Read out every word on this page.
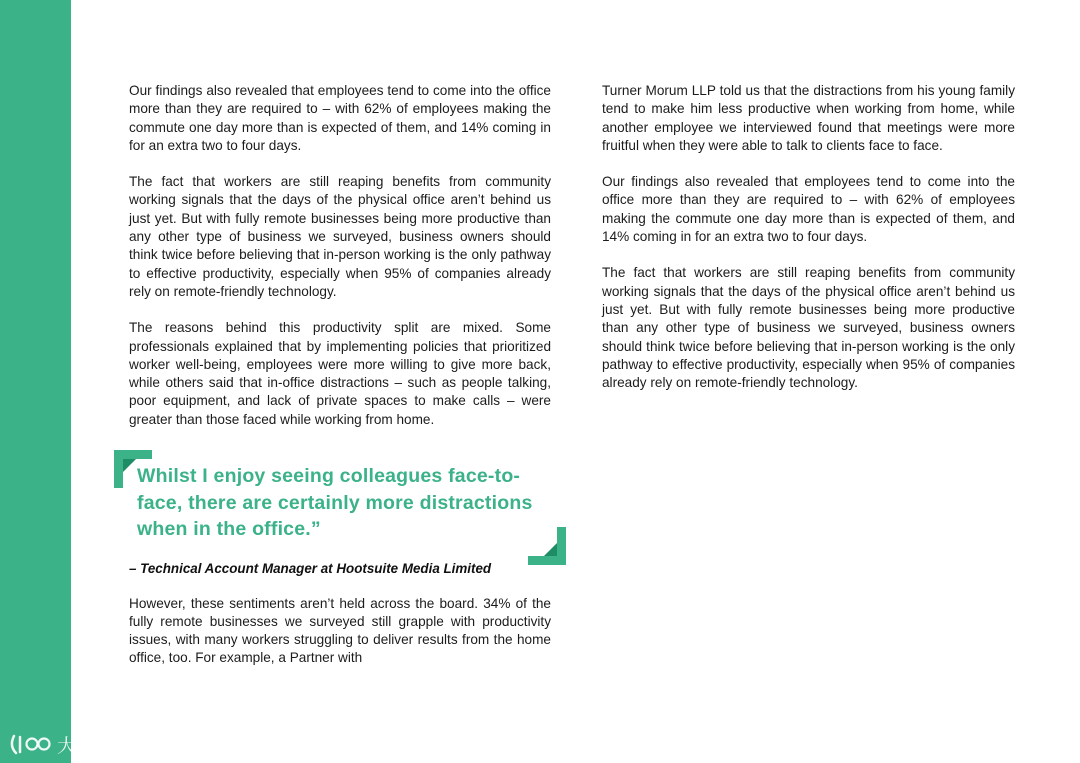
Our findings also revealed that employees tend to come into the office more than they are required to – with 62% of employees making the commute one day more than is expected of them, and 14% coming in for an extra two to four days.

The fact that workers are still reaping benefits from community working signals that the days of the physical office aren’t behind us just yet. But with fully remote businesses being more productive than any other type of business we surveyed, business owners should think twice before believing that in-person working is the only pathway to effective productivity, especially when 95% of companies already rely on remote-friendly technology.

The reasons behind this productivity split are mixed. Some professionals explained that by implementing policies that prioritized worker well-being, employees were more willing to give more back, while others said that in-office distractions – such as people talking, poor equipment, and lack of private spaces to make calls – were greater than those faced while working from home.

Whilst I enjoy seeing colleagues face-to-face, there are certainly more distractions when in the office.”

– Technical Account Manager at Hootsuite Media Limited

However, these sentiments aren’t held across the board. 34% of the fully remote businesses we surveyed still grapple with productivity issues, with many workers struggling to deliver results from the home office, too. For example, a Partner with

Turner Morum LLP told us that the distractions from his young family tend to make him less productive when working from home, while another employee we interviewed found that meetings were more fruitful when they were able to talk to clients face to face.

Our findings also revealed that employees tend to come into the office more than they are required to – with 62% of employees making the commute one day more than is expected of them, and 14% coming in for an extra two to four days.

The fact that workers are still reaping benefits from community working signals that the days of the physical office aren’t behind us just yet. But with fully remote businesses being more productive than any other type of business we surveyed, business owners should think twice before believing that in-person working is the only pathway to effective productivity, especially when 95% of companies already rely on remote-friendly technology.

大数跨境
